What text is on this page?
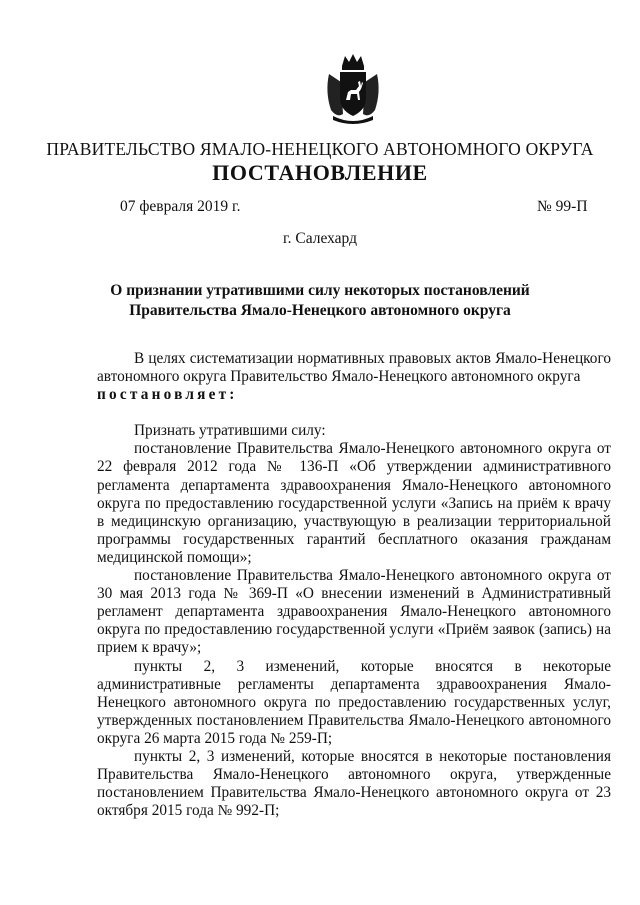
ПРАВИТЕЛЬСТВО ЯМАЛО-НЕНЕЦКОГО АВТОНОМНОГО ОКРУГА
ПОСТАНОВЛЕНИЕ
07 февраля 2019 г.	№ 99-П
г. Салехард
О признании утратившими силу некоторых постановлений
Правительства Ямало-Ненецкого автономного округа

В целях систематизации нормативных правовых актов Ямало-Ненецкого автономного округа Правительство Ямало-Ненецкого автономного округа

постановляет:

Признать утратившими силу:

постановление Правительства Ямало-Ненецкого автономного округа от 22 февраля 2012 года № 136-П «Об утверждении административного регламента департамента здравоохранения Ямало-Ненецкого автономного округа по предоставлению государственной услуги «Запись на приём к врачу в медицинскую организацию, участвующую в реализации территориальной программы государственных гарантий бесплатного оказания гражданам медицинской помощи»;

постановление Правительства Ямало-Ненецкого автономного округа от 30 мая 2013 года № 369-П «О внесении изменений в Административный регламент департамента здравоохранения Ямало-Ненецкого автономного округа по предоставлению государственной услуги «Приём заявок (запись) на прием к врачу»;

пункты 2, 3 изменений, которые вносятся в некоторые административные регламенты департамента здравоохранения Ямало-Ненецкого автономного округа по предоставлению государственных услуг, утвержденных постановлением Правительства Ямало-Ненецкого автономного округа 26 марта 2015 года № 259-П;

пункты 2, 3 изменений, которые вносятся в некоторые постановления Правительства Ямало-Ненецкого автономного округа, утвержденные постановлением Правительства Ямало-Ненецкого автономного округа от 23 октября 2015 года № 992-П;
